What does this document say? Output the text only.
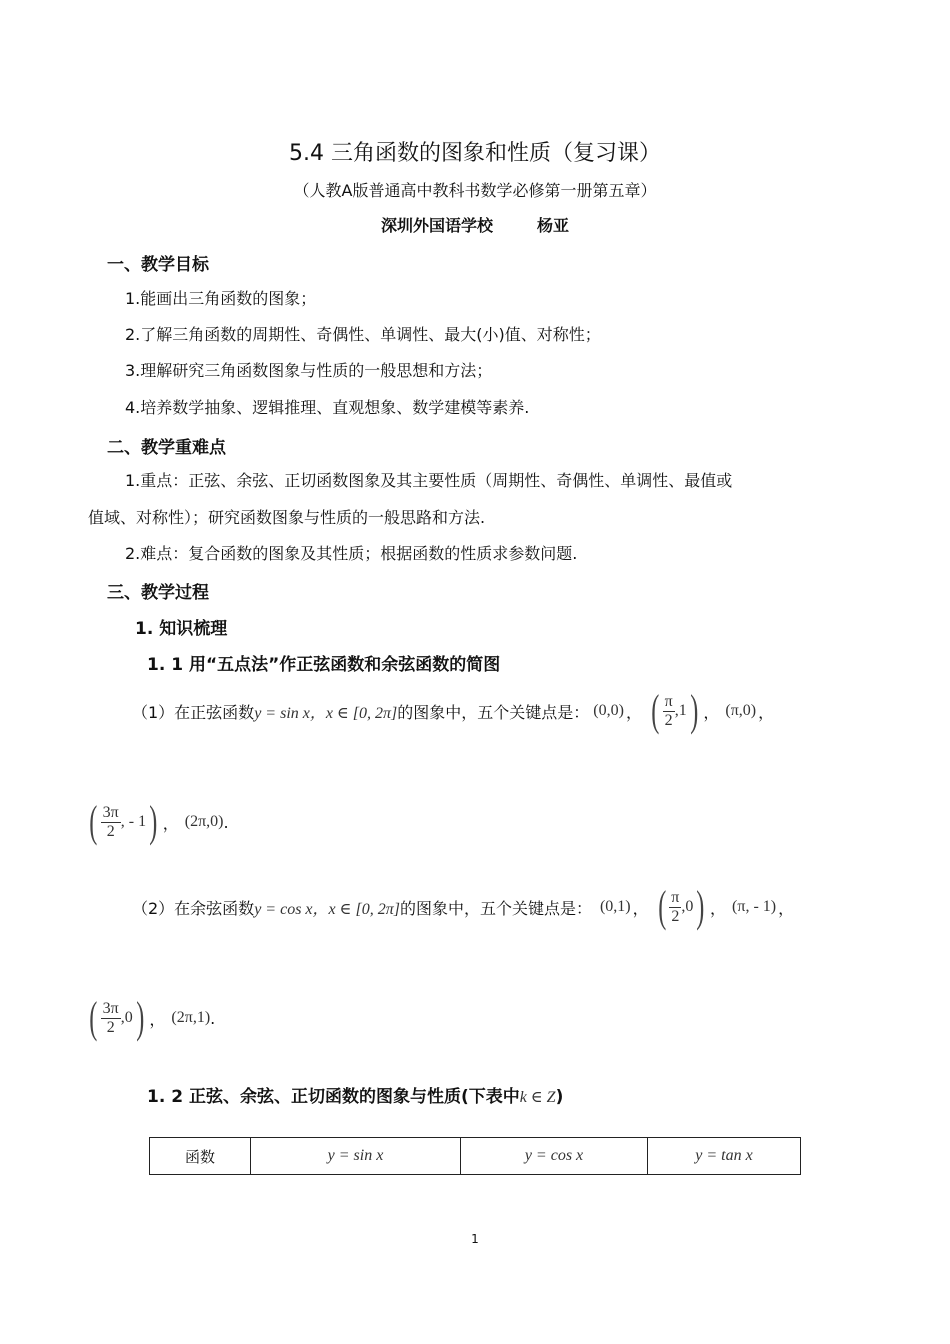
5.4 三角函数的图象和性质（复习课）
（人教A版普通高中教科书数学必修第一册第五章）
深圳外国语学校	杨亚
一、教学目标
1.能画出三角函数的图象；
2.了解三角函数的周期性、奇偶性、单调性、最大(小)值、对称性；
3.理解研究三角函数图象与性质的一般思想和方法；
4.培养数学抽象、逻辑推理、直观想象、数学建模等素养.
二、教学重难点
1.重点：正弦、余弦、正切函数图象及其主要性质（周期性、奇偶性、单调性、最值或
值域、对称性）；研究函数图象与性质的一般思路和方法.
2.难点：复合函数的图象及其性质；根据函数的性质求参数问题.
三、教学过程
1. 知识梳理
1. 1 用“五点法”作正弦函数和余弦函数的简图
（1）在正弦函数 y = sin x，x ∈ [0, 2π] 的图象中，五个关键点是： (0,0) ， ( $\frac{\pi}{2} ,1$ ) ， (π,0) ，
( $\frac{3\pi}{2}$ , - 1 ) ， (2π,0) .
（2）在余弦函数 y = cos x，x ∈ [0, 2π] 的图象中，五个关键点是： (0,1) ， ( $\frac{\pi}{2} ,0$ ) ， (π, - 1) ，
( $\frac{3\pi}{2} ,0$ ) ， (2π,1) .
1. 2 正弦、余弦、正切函数的图象与性质(下表中k ∈ Z)
函数	y = sin x	y = cos x	y = tan x
1
